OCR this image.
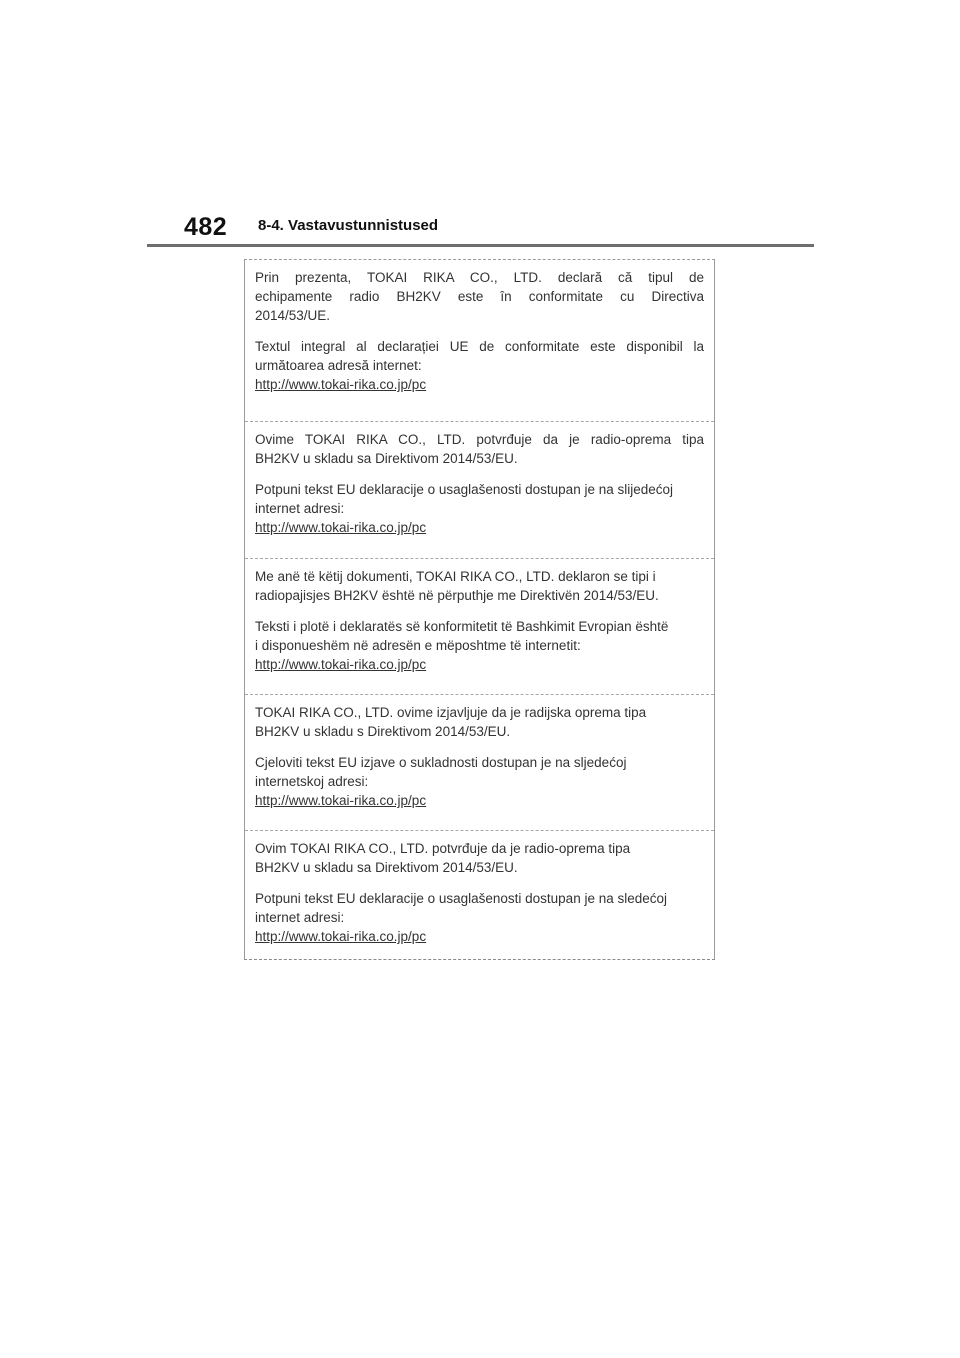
482 8-4. Vastavustunnistused

Prin prezenta, TOKAI RIKA CO., LTD. declară că tipul de
echipamente radio BH2KV este în conformitate cu Directiva
2014/53/UE.

Textul integral al declarației UE de conformitate este disponibil la
următoarea adresă internet:

http://www.tokai-rika.co.jp/pc

Ovime TOKAI RIKA CO., LTD. potvrđuje da je radio-oprema tipa
BH2KV u skladu sa Direktivom 2014/53/EU.

Potpuni tekst EU deklaracije o usaglašenosti dostupan je na slijedećoj
internet adresi:

http://www.tokai-rika.co.jp/pc

Me anë të këtij dokumenti, TOKAI RIKA CO., LTD. deklaron se tipi i
radiopajisjes BH2KV është në përputhje me Direktivën 2014/53/EU.

Teksti i plotë i deklaratës së konformitetit të Bashkimit Evropian është
i disponueshëm në adresën e mëposhtme të internetit:

http://www.tokai-rika.co.jp/pc

TOKAI RIKA CO., LTD. ovime izjavljuje da je radijska oprema tipa
BH2KV u skladu s Direktivom 2014/53/EU.

Cjeloviti tekst EU izjave o sukladnosti dostupan je na sljedećoj
internetskoj adresi:

http://www.tokai-rika.co.jp/pc

Ovim TOKAI RIKA CO., LTD. potvrđuje da je radio-oprema tipa
BH2KV u skladu sa Direktivom 2014/53/EU.

Potpuni tekst EU deklaracije o usaglašenosti dostupan je na sledećoj
internet adresi:

http://www.tokai-rika.co.jp/pc
